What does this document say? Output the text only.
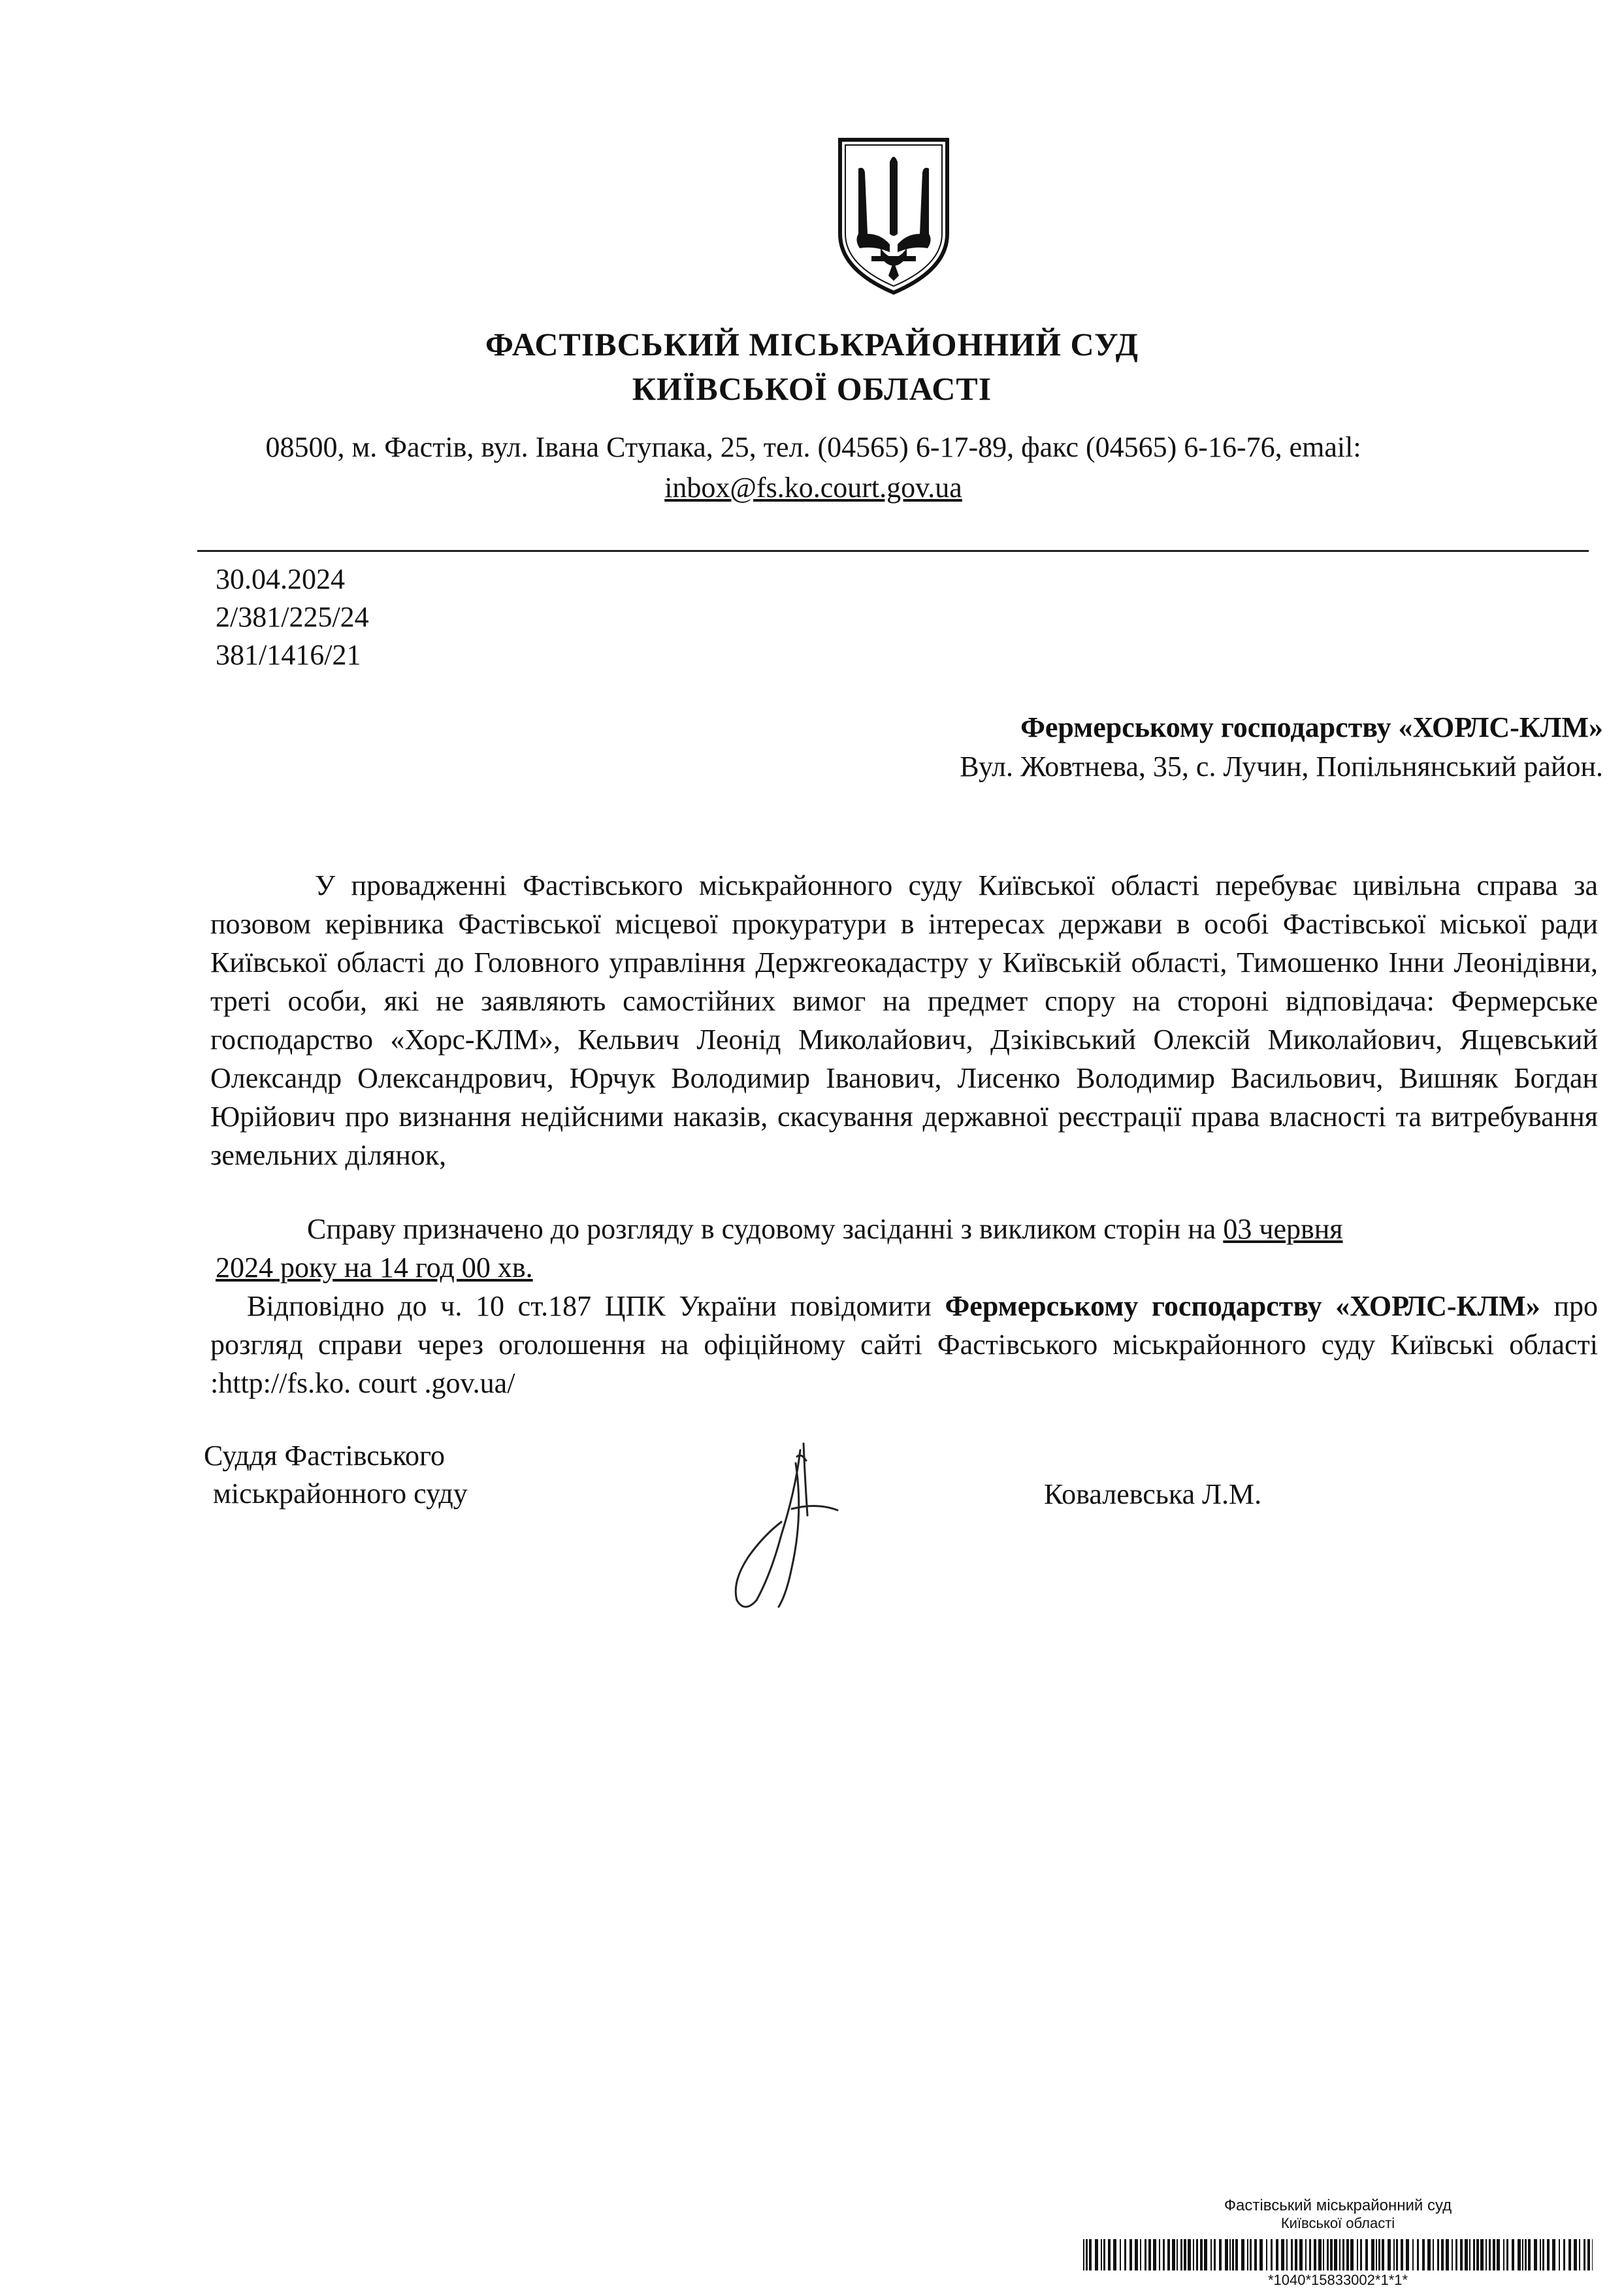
ФАСТІВСЬКИЙ МІСЬКРАЙОННИЙ СУД
КИЇВСЬКОЇ ОБЛАСТІ
08500, м. Фастів, вул. Івана Ступака, 25, тел. (04565) 6-17-89, факс (04565) 6-16-76, email:
inbox@fs.ko.court.gov.ua
30.04.2024
2/381/225/24
381/1416/21
Фермерському господарству «ХОРЛС-КЛМ»
Вул. Жовтнева, 35, с. Лучин, Попільнянський район.
У провадженні Фастівського міськрайонного суду Київської області перебуває цивільна справа за позовом керівника Фастівської місцевої прокуратури в інтересах держави в особі Фастівської міської ради Київської області до Головного управління Держгеокадастру у Київській області, Тимошенко Інни Леонідівни, треті особи, які не заявляють самостійних вимог на предмет спору на стороні відповідача: Фермерське господарство «Хорс-КЛМ», Кельвич Леонід Миколайович, Дзіківський Олексій Миколайович, Ящевський Олександр Олександрович, Юрчук Володимир Іванович, Лисенко Володимир Васильович, Вишняк Богдан Юрійович про визнання недійсними наказів, скасування державної реєстрації права власності та витребування земельних ділянок,
Справу призначено до розгляду в судовому засіданні з викликом сторін на 03 червня
2024 року на 14 год 00 хв.
Відповідно до ч. 10 ст.187 ЦПК України повідомити Фермерському господарству «ХОРЛС-КЛМ» про розгляд справи через оголошення на офіційному сайті Фастівського міськрайонного суду Київські області :http://fs.ko. court .gov.ua/
Суддя Фастівського
міськрайонного суду	Ковалевська Л.М.
Фастівський міськрайонний суд
Київської області
*1040*15833002*1*1*
